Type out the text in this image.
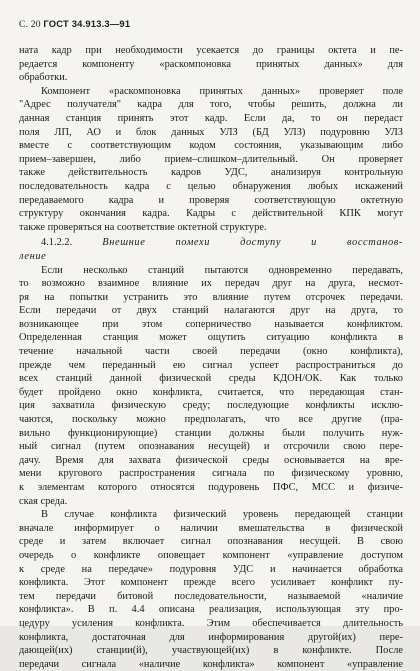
С. 20 ГОСТ 34.913.3—91
ната кадр при необходимости усекается до границы октета и пе-
редается компоненту «раскомпоновка принятых данных» для
обработки.
Компонент «раскомпоновка принятых данных» проверяет поле
"Адрес получателя" кадра для того, чтобы решить, должна ли
данная станция принять этот кадр. Если да, то он передаст
поля ЛП, АО и блок данных УЛЗ (БД УЛЗ) подуровню УЛЗ
вместе с соответствующим кодом состояния, указывающим либо
прием–завершен, либо прием–слишком–длительный. Он проверяет
также действительность кадров УДС, анализируя контрольную
последовательность кадра с целью обнаружения любых искажений
передаваемого кадра и проверяя соответствующую октетную
структуру окончания кадра. Кадры с действительной КПК могут
также проверяться на соответствие октетной структуре.
4.1.2.2.	Внешние помехи доступу и восстанов-
ление
Если несколько станций пытаются одновременно передавать,
то возможно взаимное влияние их передач друг на друга, несмот-
ря на попытки устранить это влияние путем отсрочек передачи.
Если передачи от двух станций налагаются друг на друга, то
возникающее при этом соперничество называется конфликтом.
Определенная станция может ощутить ситуацию конфликта в
течение начальной части своей передачи (окно конфликта),
прежде чем переданный ею сигнал успеет распространиться до
всех станций данной физической среды КДОН/ОК. Как только
будет пройдено окно конфликта, считается, что передающая стан-
ция захватила физическую среду; последующие конфликты исклю-
чаются, поскольку можно предполагать, что все другие (пра-
вильно функционирующие) станции должны были получить нуж-
ный сигнал (путем опознавания несущей) и отсрочили свою пере-
дачу. Время для захвата физической среды основывается на вре-
мени кругового распространения сигнала по физическому уровню,
к элементам которого относятся подуровень ПФС, МСС и физиче-
ская среда.
В случае конфликта физический уровень передающей станции
вначале информирует о наличии вмешательства в физической
среде и затем включает сигнал опознавания несущей. В свою
очередь о конфликте оповещает компонент «управление доступом
к среде на передаче» подуровня УДС и начинается обработка
конфликта. Этот компонент прежде всего усиливает конфликт пу-
тем передачи битовой последовательности, называемой «наличие
конфликта». В п. 4.4 описана реализация, использующая эту про-
цедуру усиления конфликта. Этим обеспечивается длительность
конфликта, достаточная для информирования другой(их) пере-
дающей(их) станции(й), участвующей(их) в конфликте. После
передачи сигнала «наличие конфликта» компонент «управление
